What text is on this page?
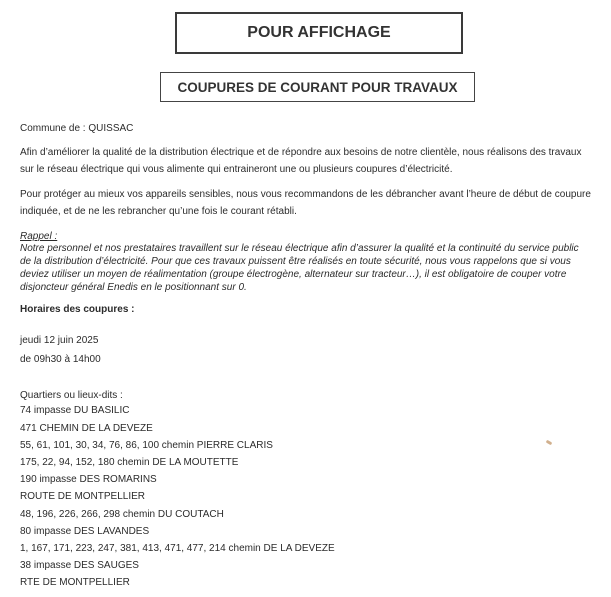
POUR AFFICHAGE
COUPURES DE COURANT POUR TRAVAUX
Commune de : QUISSAC
Afin d’améliorer la qualité de la distribution électrique et de répondre aux besoins de notre clientèle, nous réalisons des travaux
sur le réseau électrique qui vous alimente qui entraineront une ou plusieurs coupures d’électricité.
Pour protéger au mieux vos appareils sensibles, nous vous recommandons de les débrancher avant l’heure de début de coupure
indiquée, et de ne les rebrancher qu’une fois le courant rétabli.
Rappel :
Notre personnel et nos prestataires travaillent sur le réseau électrique afin d’assurer la qualité et la continuité du service public
de la distribution d’électricité. Pour que ces travaux puissent être réalisés en toute sécurité, nous vous rappelons que si vous
deviez utiliser un moyen de réalimentation (groupe électrogène, alternateur sur tracteur…), il est obligatoire de couper votre
disjoncteur général Enedis en le positionnant sur 0.
Horaires des coupures :
jeudi 12 juin 2025
de 09h30 à 14h00
Quartiers ou lieux-dits :
74 impasse DU BASILIC
471 CHEMIN DE LA DEVEZE
55, 61, 101, 30, 34, 76, 86, 100 chemin PIERRE CLARIS
175, 22, 94, 152, 180 chemin DE LA MOUTETTE
190 impasse DES ROMARINS
ROUTE DE MONTPELLIER
48, 196, 226, 266, 298 chemin DU COUTACH
80 impasse DES LAVANDES
1, 167, 171, 223, 247, 381, 413, 471, 477, 214 chemin DE LA DEVEZE
38 impasse DES SAUGES
RTE DE MONTPELLIER
